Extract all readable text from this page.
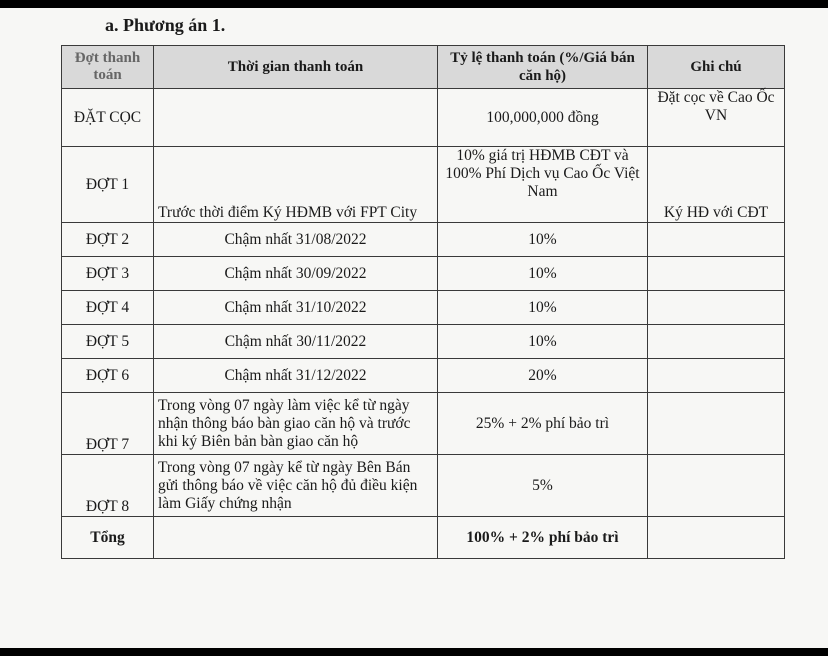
a. Phương án 1.
Đợt thanh toán	Thời gian thanh toán	Tỷ lệ thanh toán (%/Giá bán căn hộ)	Ghi chú
ĐẶT CỌC		100,000,000 đồng	Đặt cọc về Cao Ốc VN
ĐỢT 1	Trước thời điểm Ký HĐMB với FPT City	10% giá trị HĐMB CĐT và 100% Phí Dịch vụ Cao Ốc Việt Nam	Ký HĐ với CĐT
ĐỢT 2	Chậm nhất 31/08/2022	10%	
ĐỢT 3	Chậm nhất 30/09/2022	10%	
ĐỢT 4	Chậm nhất 31/10/2022	10%	
ĐỢT 5	Chậm nhất 30/11/2022	10%	
ĐỢT 6	Chậm nhất 31/12/2022	20%	
ĐỢT 7	Trong vòng 07 ngày làm việc kể từ ngày nhận thông báo bàn giao căn hộ và trước khi ký Biên bản bàn giao căn hộ	25% + 2% phí bảo trì	
ĐỢT 8	Trong vòng 07 ngày kể từ ngày Bên Bán gửi thông báo về việc căn hộ đủ điều kiện làm Giấy chứng nhận	5%	
Tổng		100% + 2% phí bảo trì	
